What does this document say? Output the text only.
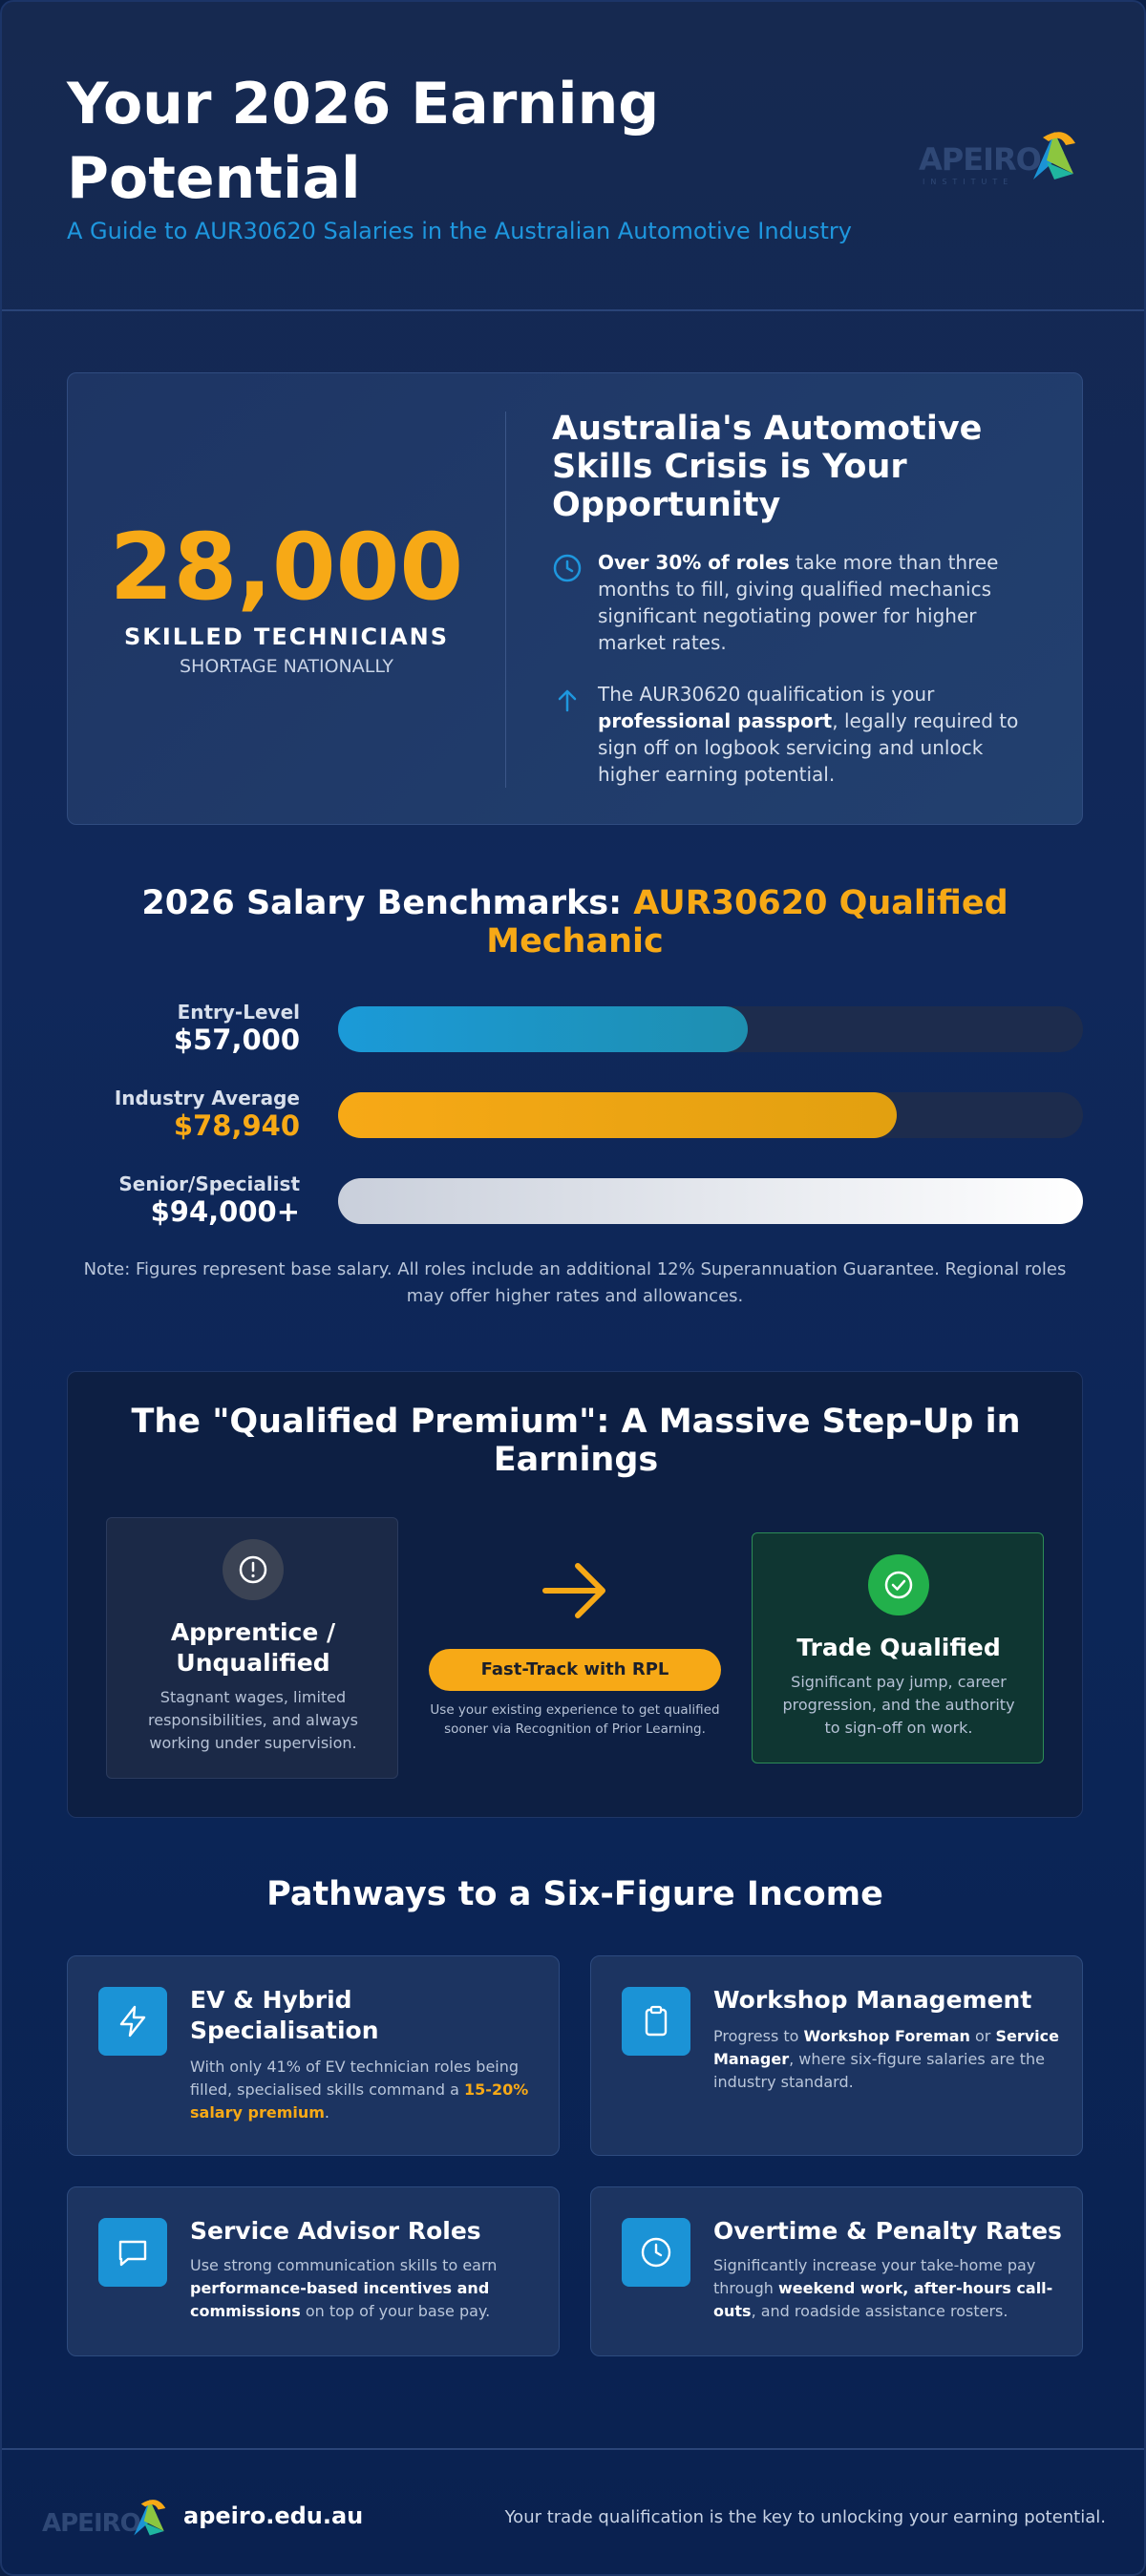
Your 2026 Earning Potential
A Guide to AUR30620 Salaries in the Australian Automotive Industry
APEIRO
INSTITUTE
28,000
SKILLED TECHNICIANS
SHORTAGE NATIONALLY
Australia's Automotive Skills Crisis is Your Opportunity
Over 30% of roles take more than three months to fill, giving qualified mechanics significant negotiating power for higher market rates.
The AUR30620 qualification is your professional passport, legally required to sign off on logbook servicing and unlock higher earning potential.
2026 Salary Benchmarks: AUR30620 Qualified Mechanic
Entry-Level
$57,000
Industry Average
$78,940
Senior/Specialist
$94,000+
Note: Figures represent base salary. All roles include an additional 12% Superannuation Guarantee. Regional roles may offer higher rates and allowances.
The "Qualified Premium": A Massive Step-Up in Earnings
Apprentice / Unqualified
Stagnant wages, limited responsibilities, and always working under supervision.
Fast-Track with RPL
Use your existing experience to get qualified sooner via Recognition of Prior Learning.
Trade Qualified
Significant pay jump, career progression, and the authority to sign-off on work.
Pathways to a Six-Figure Income
EV & Hybrid Specialisation
With only 41% of EV technician roles being filled, specialised skills command a 15-20% salary premium.
Workshop Management
Progress to Workshop Foreman or Service Manager, where six-figure salaries are the industry standard.
Service Advisor Roles
Use strong communication skills to earn performance-based incentives and commissions on top of your base pay.
Overtime & Penalty Rates
Significantly increase your take-home pay through weekend work, after-hours call-outs, and roadside assistance rosters.
APEIRO apeiro.edu.au	Your trade qualification is the key to unlocking your earning potential.
